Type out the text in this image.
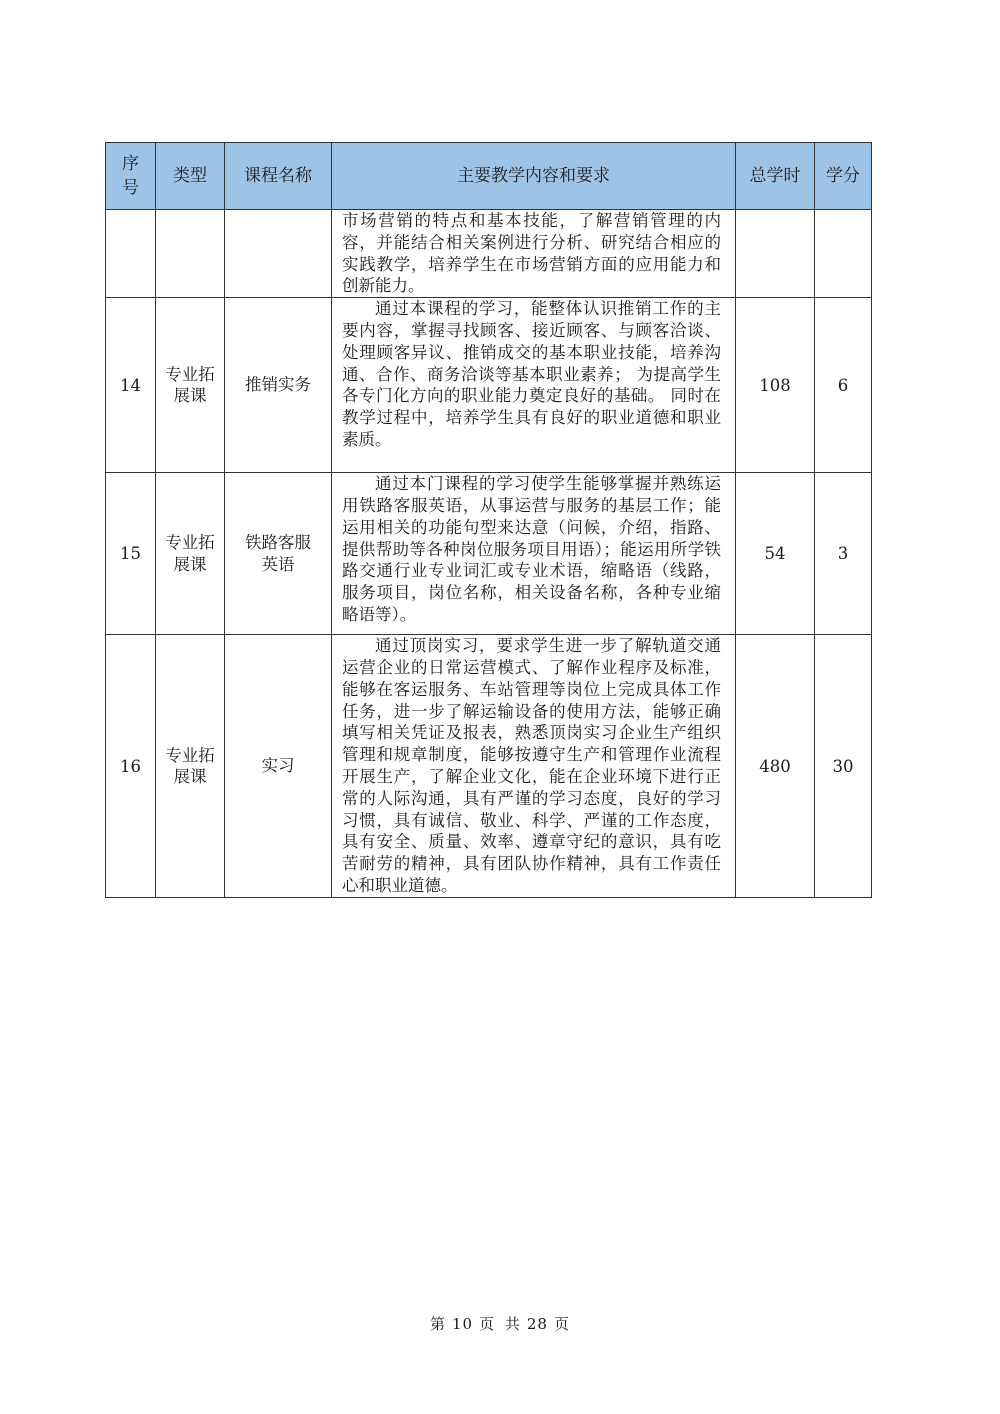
序号	类型	课程名称	主要教学内容和要求	总学时	学分

			市场营销的特点和基本技能，了解营销管理的内容，并能结合相关案例进行分析、研究结合相应的实践教学，培养学生在市场营销方面的应用能力和创新能力。		

14	专业拓展课	推销实务	通过本课程的学习，能整体认识推销工作的主要内容，掌握寻找顾客、接近顾客、与顾客洽谈、处理顾客异议、推销成交的基本职业技能，培养沟通、合作、商务洽谈等基本职业素养； 为提高学生各专门化方向的职业能力奠定良好的基础。 同时在教学过程中，培养学生具有良好的职业道德和职业素质。	108	6
15	专业拓展课	铁路客服英语	通过本门课程的学习使学生能够掌握并熟练运用铁路客服英语，从事运营与服务的基层工作；能运用相关的功能句型来达意（问候，介绍，指路、提供帮助等各种岗位服务项目用语）；能运用所学铁路交通行业专业词汇或专业术语，缩略语（线路，服务项目，岗位名称，相关设备名称，各种专业缩略语等）。	54	3
16	专业拓展课	实习	通过顶岗实习，要求学生进一步了解轨道交通运营企业的日常运营模式、了解作业程序及标准，能够在客运服务、车站管理等岗位上完成具体工作任务，进一步了解运输设备的使用方法，能够正确填写相关凭证及报表，熟悉顶岗实习企业生产组织管理和规章制度，能够按遵守生产和管理作业流程开展生产，了解企业文化，能在企业环境下进行正常的人际沟通，具有严谨的学习态度，良好的学习习惯，具有诚信、敬业、科学、严谨的工作态度，具有安全、质量、效率、遵章守纪的意识，具有吃苦耐劳的精神，具有团队协作精神，具有工作责任心和职业道德。	480	30
第 10 页 共 28 页
